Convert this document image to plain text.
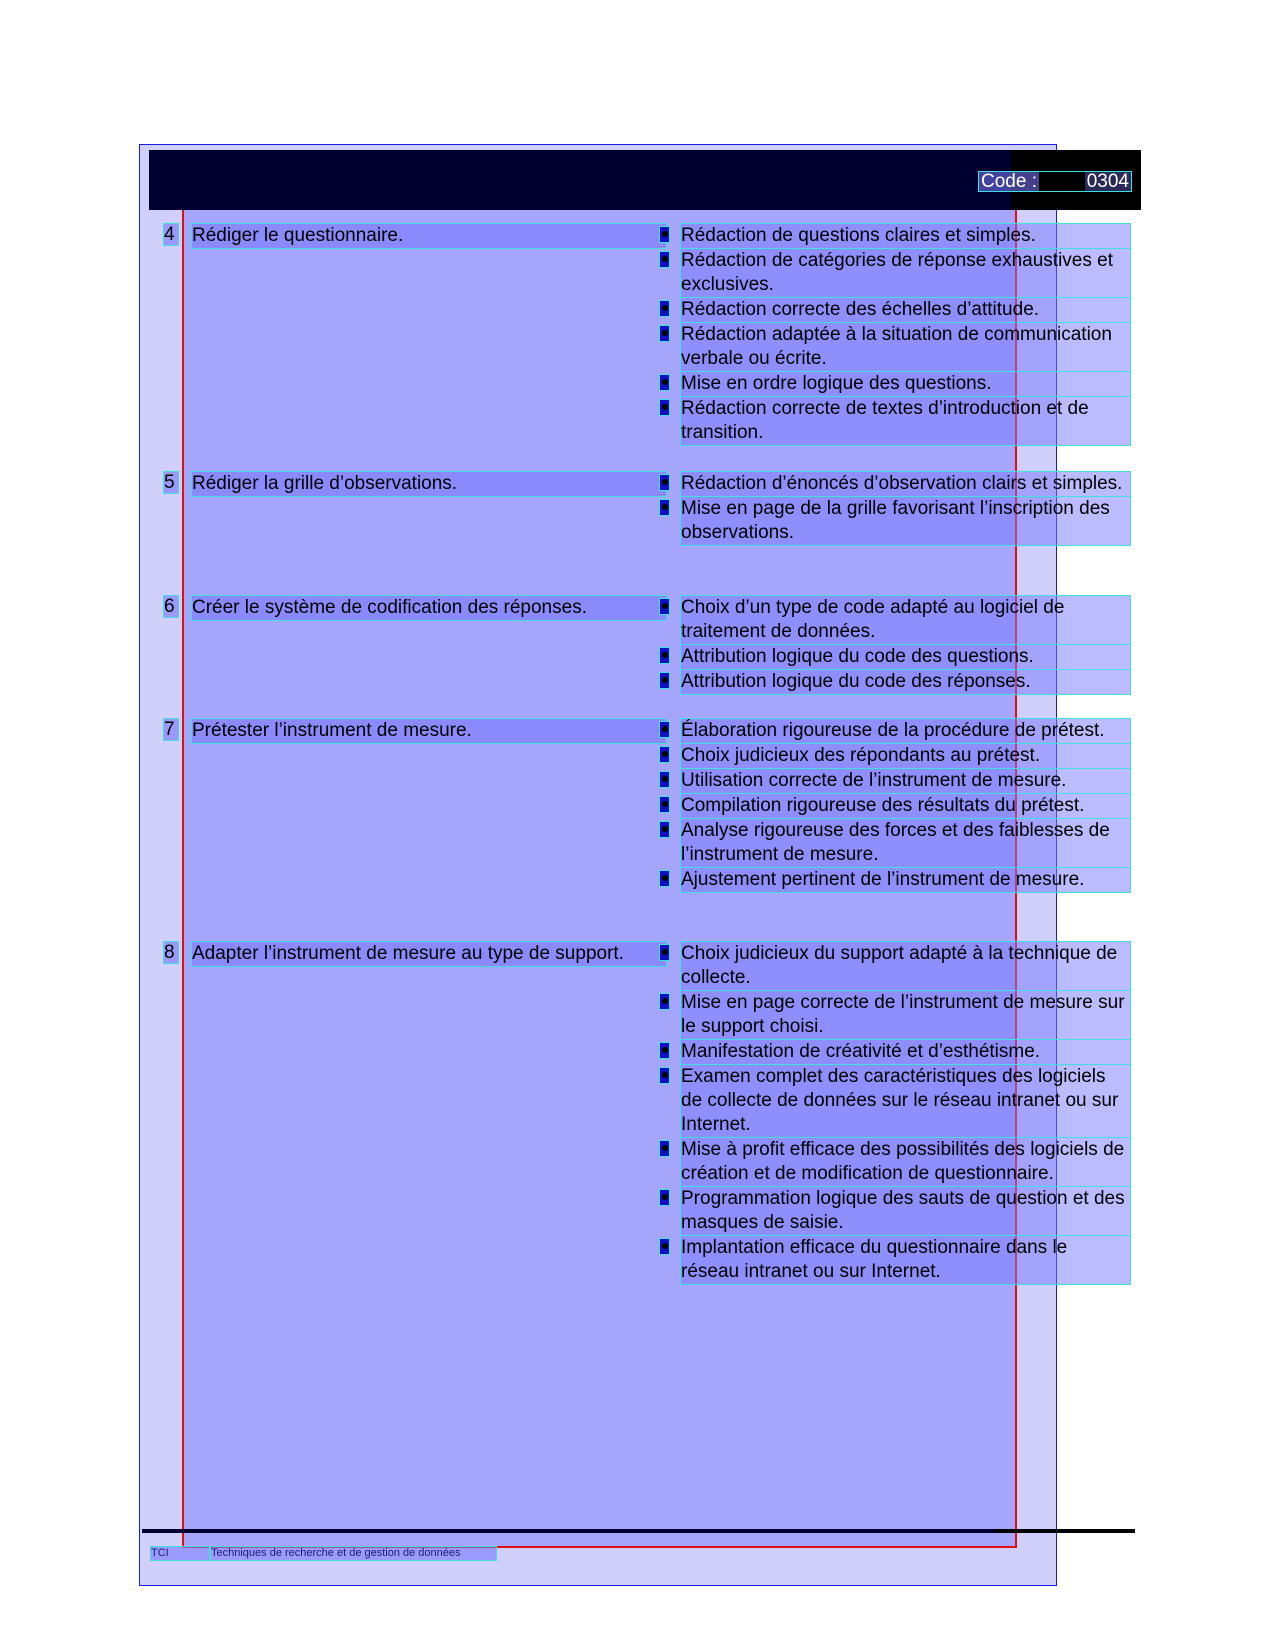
Code :	0304
4 Rédiger le questionnaire.	Rédaction de questions claires et simples.
Rédaction de catégories de réponse exhaustives et exclusives.
Rédaction correcte des échelles d’attitude.
Rédaction adaptée à la situation de communication verbale ou écrite.
Mise en ordre logique des questions.
Rédaction correcte de textes d’introduction et de transition.
5 Rédiger la grille d’observations.	Rédaction d’énoncés d’observation clairs et simples.
Mise en page de la grille favorisant l’inscription des observations.
6 Créer le système de codification des réponses.	Choix d’un type de code adapté au logiciel de traitement de données.
Attribution logique du code des questions.
Attribution logique du code des réponses.
7 Prétester l’instrument de mesure.	Élaboration rigoureuse de la procédure de prétest.
Choix judicieux des répondants au prétest.
Utilisation correcte de l’instrument de mesure.
Compilation rigoureuse des résultats du prétest.
Analyse rigoureuse des forces et des faiblesses de l’instrument de mesure.
Ajustement pertinent de l’instrument de mesure.
8 Adapter l’instrument de mesure au type de support.	Choix judicieux du support adapté à la technique de collecte.
Mise en page correcte de l’instrument de mesure sur le support choisi.
Manifestation de créativité et d’esthétisme.
Examen complet des caractéristiques des logiciels de collecte de données sur le réseau intranet ou sur Internet.
Mise à profit efficace des possibilités des logiciels de création et de modification de questionnaire.
Programmation logique des sauts de question et des masques de saisie.
Implantation efficace du questionnaire dans le réseau intranet ou sur Internet.
TCI	Techniques de recherche et de gestion de données
